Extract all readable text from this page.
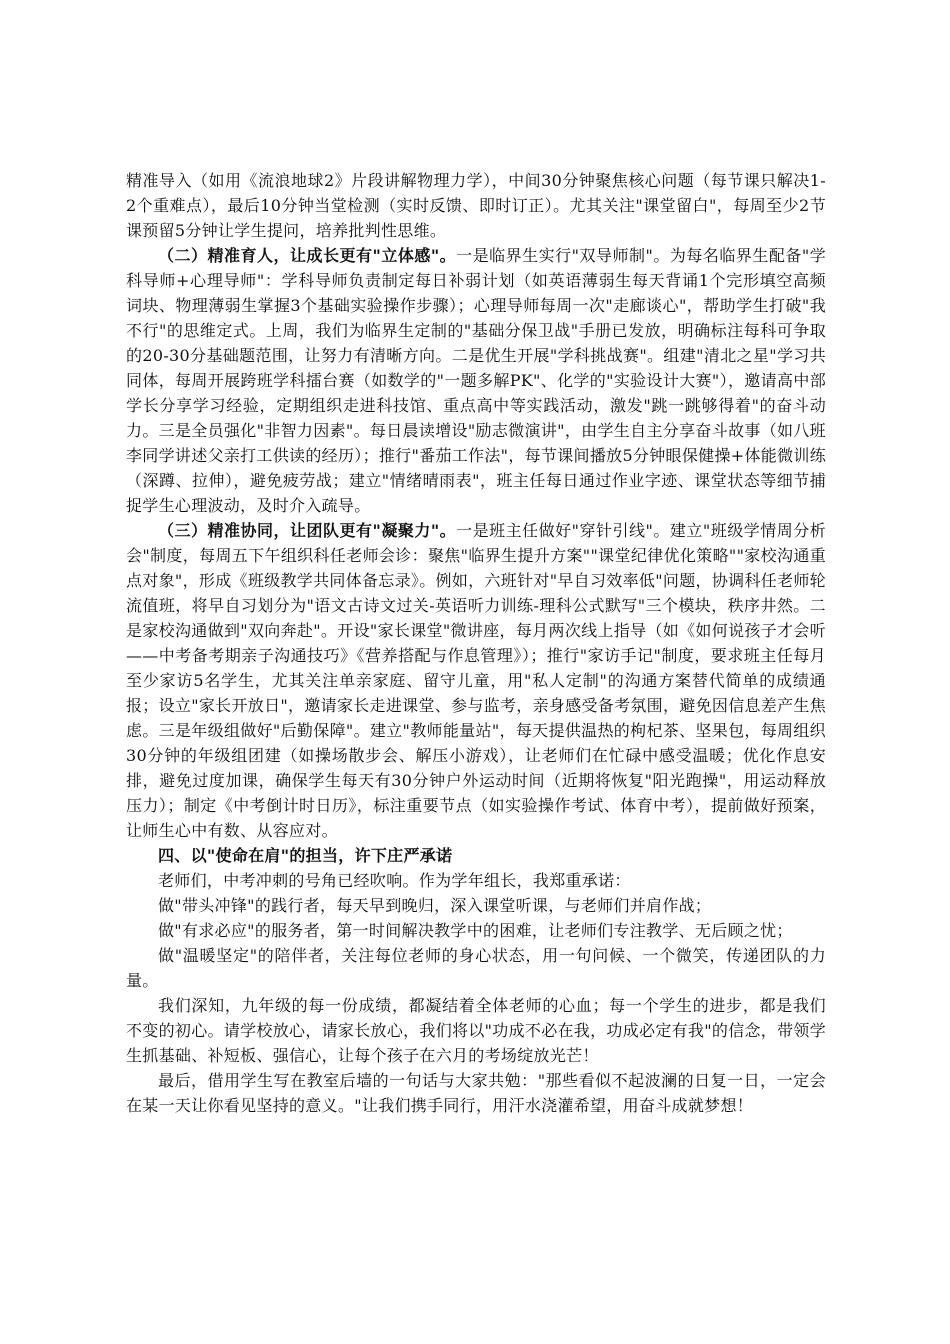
精准导入（如用《流浪地球2》片段讲解物理力学），中间30分钟聚焦核心问题（每节课只解决1-2个重难点），最后10分钟当堂检测（实时反馈、即时订正）。尤其关注"课堂留白"，每周至少2节课预留5分钟让学生提问，培养批判性思维。

（二）精准育人，让成长更有"立体感"。一是临界生实行"双导师制"。为每名临界生配备"学科导师+心理导师"：学科导师负责制定每日补弱计划（如英语薄弱生每天背诵1个完形填空高频词块、物理薄弱生掌握3个基础实验操作步骤）；心理导师每周一次"走廊谈心"，帮助学生打破"我不行"的思维定式。上周，我们为临界生定制的"基础分保卫战"手册已发放，明确标注每科可争取的20-30分基础题范围，让努力有清晰方向。二是优生开展"学科挑战赛"。组建"清北之星"学习共同体，每周开展跨班学科擂台赛（如数学的"一题多解PK"、化学的"实验设计大赛"），邀请高中部学长分享学习经验，定期组织走进科技馆、重点高中等实践活动，激发"跳一跳够得着"的奋斗动力。三是全员强化"非智力因素"。每日晨读增设"励志微演讲"，由学生自主分享奋斗故事（如八班李同学讲述父亲打工供读的经历）；推行"番茄工作法"，每节课间播放5分钟眼保健操+体能微训练（深蹲、拉伸），避免疲劳战；建立"情绪晴雨表"，班主任每日通过作业字迹、课堂状态等细节捕捉学生心理波动，及时介入疏导。

（三）精准协同，让团队更有"凝聚力"。一是班主任做好"穿针引线"。建立"班级学情周分析会"制度，每周五下午组织科任老师会诊：聚焦"临界生提升方案""课堂纪律优化策略""家校沟通重点对象"，形成《班级教学共同体备忘录》。例如，六班针对"早自习效率低"问题，协调科任老师轮流值班，将早自习划分为"语文古诗文过关-英语听力训练-理科公式默写"三个模块，秩序井然。二是家校沟通做到"双向奔赴"。开设"家长课堂"微讲座，每月两次线上指导（如《如何说孩子才会听——中考备考期亲子沟通技巧》《营养搭配与作息管理》）；推行"家访手记"制度，要求班主任每月至少家访5名学生，尤其关注单亲家庭、留守儿童，用"私人定制"的沟通方案替代简单的成绩通报；设立"家长开放日"，邀请家长走进课堂、参与监考，亲身感受备考氛围，避免因信息差产生焦虑。三是年级组做好"后勤保障"。建立"教师能量站"，每天提供温热的枸杞茶、坚果包，每周组织30分钟的年级组团建（如操场散步会、解压小游戏），让老师们在忙碌中感受温暖；优化作息安排，避免过度加课，确保学生每天有30分钟户外运动时间（近期将恢复"阳光跑操"，用运动释放压力）；制定《中考倒计时日历》，标注重要节点（如实验操作考试、体育中考），提前做好预案，让师生心中有数、从容应对。

四、以"使命在肩"的担当，许下庄严承诺

老师们，中考冲刺的号角已经吹响。作为学年组长，我郑重承诺：

做"带头冲锋"的践行者，每天早到晚归，深入课堂听课，与老师们并肩作战；

做"有求必应"的服务者，第一时间解决教学中的困难，让老师们专注教学、无后顾之忧；

做"温暖坚定"的陪伴者，关注每位老师的身心状态，用一句问候、一个微笑，传递团队的力量。

我们深知，九年级的每一份成绩，都凝结着全体老师的心血；每一个学生的进步，都是我们不变的初心。请学校放心，请家长放心，我们将以"功成不必在我，功成必定有我"的信念，带领学生抓基础、补短板、强信心，让每个孩子在六月的考场绽放光芒！

最后，借用学生写在教室后墙的一句话与大家共勉："那些看似不起波澜的日复一日，一定会在某一天让你看见坚持的意义。"让我们携手同行，用汗水浇灌希望，用奋斗成就梦想！
